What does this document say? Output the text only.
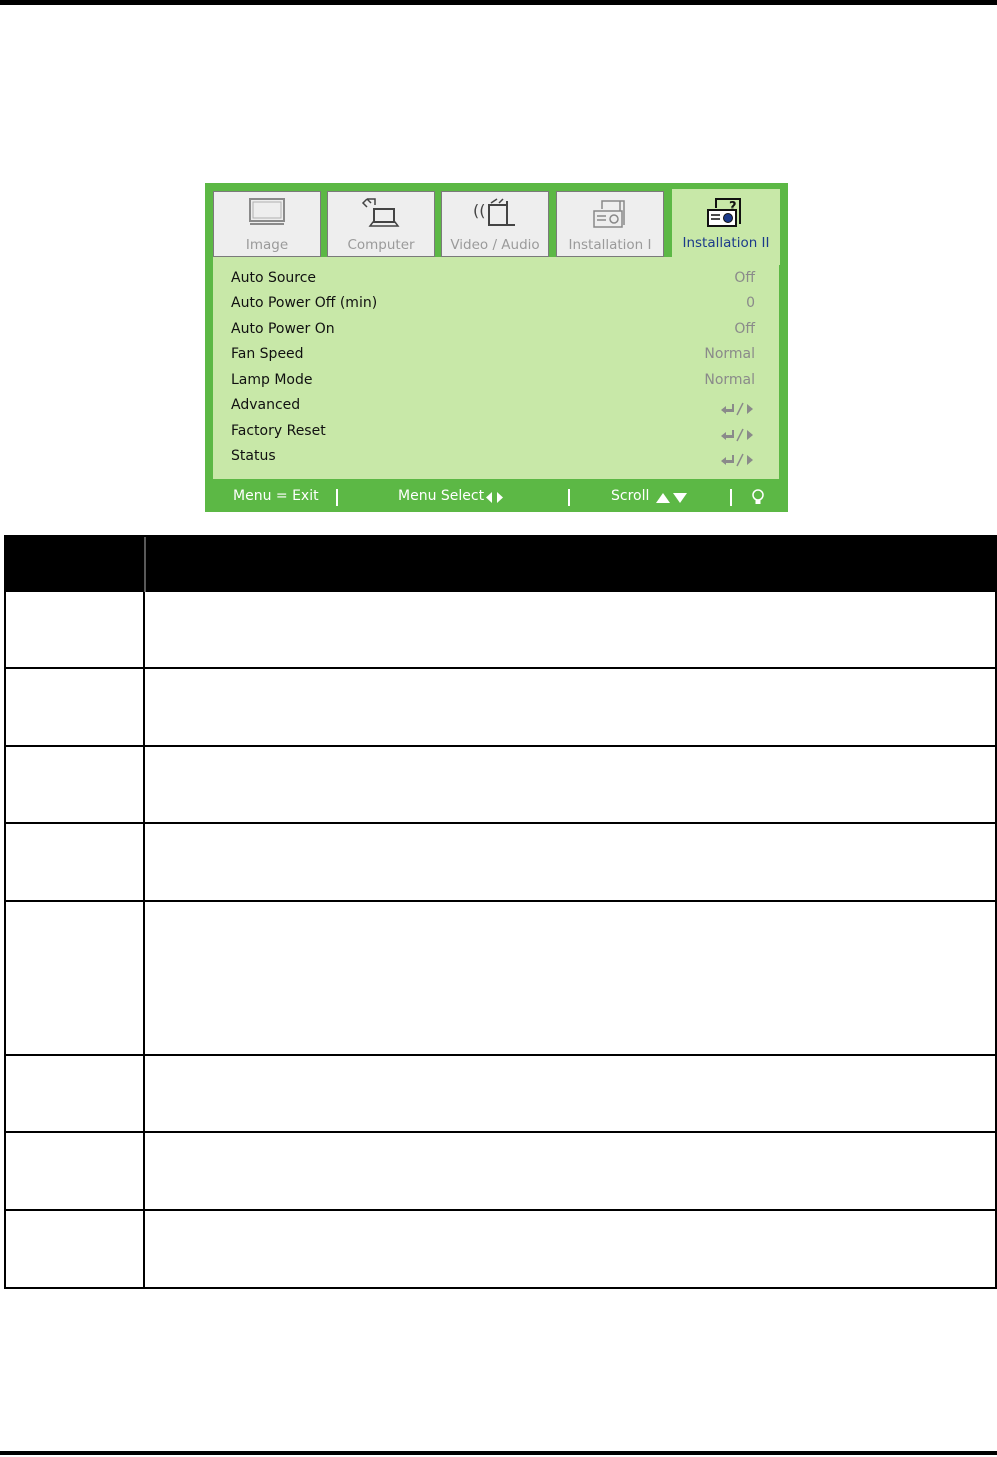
Image	Computer
((
Video / Audio	Installation I
?
Installation II
Auto Source	Off
Auto Power Off (min)	0
Auto Power On	Off
Fan Speed	Normal
Lamp Mode	Normal
Advanced
Factory Reset
Status
Menu = Exit	Menu Select	Scroll
